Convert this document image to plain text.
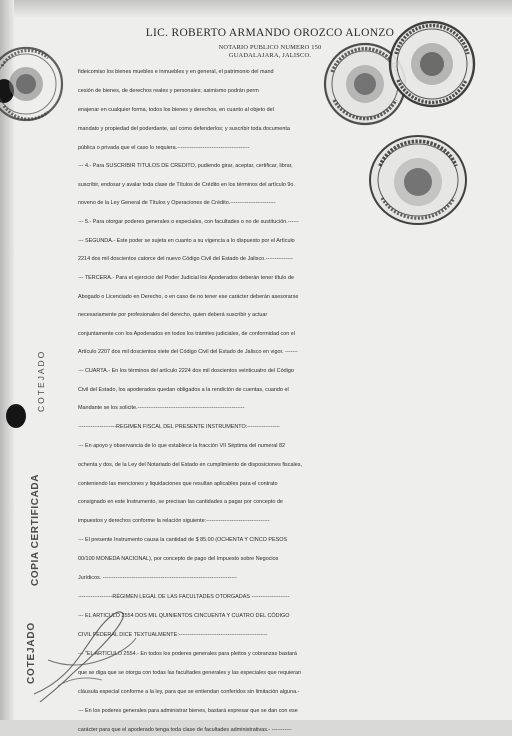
LIC. ROBERTO ARMANDO OROZCO ALONZO
NOTARIO PUBLICO NUMERO 150
GUADALAJARA, JALISCO.
fideicomiso los bienes muebles e inmuebles y en general, el patrimonio del mand
cesión de bienes, de derechos reales y personales; asimismo podrán perm
enajenar en cualquier forma, todos los bienes y derechos, en cuanto al objeto del
mandato y propiedad del poderdante, así como defenderlos; y suscribir toda documenta
pública o privada que el caso lo requiera.----------------------------------------
--- 4.- Para SUSCRIBIR TITULOS DE CREDITO, pudiendo girar, aceptar, certificar, librar,
suscribir, endosar y avalar toda clase de Títulos de Crédito en los términos del artículo 9o.
noveno de la Ley General de Títulos y Operaciones de Crédito.-------------------------
--- 5.- Para otorgar poderes generales o especiales, con facultades o no de sustitución.------
--- SEGUNDA.- Este poder se sujeta en cuanto a su vigencia a lo dispuesto por el Artículo
2214 dos mil doscientos catorce del nuevo Código Civil del Estado de Jalisco.---------------
--- TERCERA.- Para el ejercicio del Poder Judicial los Apoderados deberán tener título de
Abogado o Licenciado en Derecho, o en caso de no tener ese carácter deberán asesorarse
necesariamente por profesionales del derecho, quien deberá suscribir y actuar
conjuntamente con los Apoderados en todos los trámites judiciales, de conformidad con el
Artículo 2207 dos mil doscientos siete del Código Civil del Estado de Jalisco en vigor. -------
--- CUARTA.- En los términos del artículo 2224 dos mil doscientos veinticuatro del Código
Civil del Estado, los apoderados quedan obligados a la rendición de cuentas, cuando el
Mandante se los solicite.-----------------------------------------------------------
---------------------REGIMEN FISCAL DEL PRESENTE INSTRUMENTO:------------------
--- En apoyo y observancia de lo que establece la fracción VII Séptima del numeral 82
ochenta y dos, de la Ley del Notariado del Estado en cumplimiento de disposiciones fiscales,
conteniendo las menciones y liquidaciones que resultan aplicables para el contrato
consignado en este Instrumento, se precisan las cantidades a pagar por concepto de
impuestos y derechos conforme la relación siguiente:-----------------------------------
--- El presente Instrumento causa la cantidad de $ 85.00 (OCHENTA Y CINCO PESOS
00/100 MONEDA NACIONAL), por concepto de pago del Impuesto sobre Negocios
Jurídicos. --------------------------------------------------------------------------
-------------------RÉGIMEN LEGAL DE LAS FACULTADES OTORGADAS ---------------------
--- EL ARTICULO 2554 DOS MIL QUINIENTOS CINCUENTA Y CUATRO DEL CÓDIGO
CIVIL FEDERAL DICE TEXTUALMENTE:-------------------------------------------------
--- "EL ARTICULO 2554.- En todos los poderes generales para pleitos y cobranzas bastará
que se diga que se otorga con todas las facultades generales y las especiales que requieran
cláusula especial conforme a la ley, para que se entiendan conferidos sin limitación alguna.-
--- En los poderes generales para administrar bienes, bastará expresar que se dan con ese
carácter para que el apoderado tenga toda clase de facultades administrativas.- -----------
COTEJADO
COPIA CERTIFICADA
COTEJADO
